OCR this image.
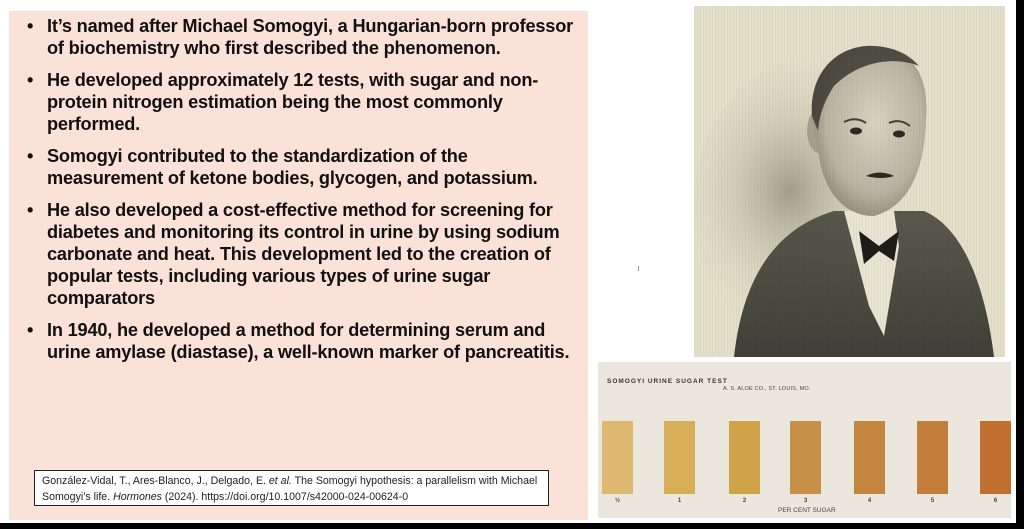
• It’s named after Michael Somogyi, a Hungarian-born professor of biochemistry who first described the phenomenon.
• He developed approximately 12 tests, with sugar and non-protein nitrogen estimation being the most commonly performed.
• Somogyi contributed to the standardization of the measurement of ketone bodies, glycogen, and potassium.
• He also developed a cost-effective method for screening for diabetes and monitoring its control in urine by using sodium carbonate and heat. This development led to the creation of popular tests, including various types of urine sugar comparators
• In 1940, he developed a method for determining serum and urine amylase (diastase), a well-known marker of pancreatitis.
González-Vidal, T., Ares-Blanco, J., Delgado, E. et al. The Somogyi hypothesis: a parallelism with Michael Somogyi’s life. Hormones (2024). https://doi.org/10.1007/s42000-024-00624-0
SOMOGYI URINE SUGAR TEST
A. S. ALOE CO., ST. LOUIS, MO.
½	1	2	3	4	5	6
PER CENT SUGAR
